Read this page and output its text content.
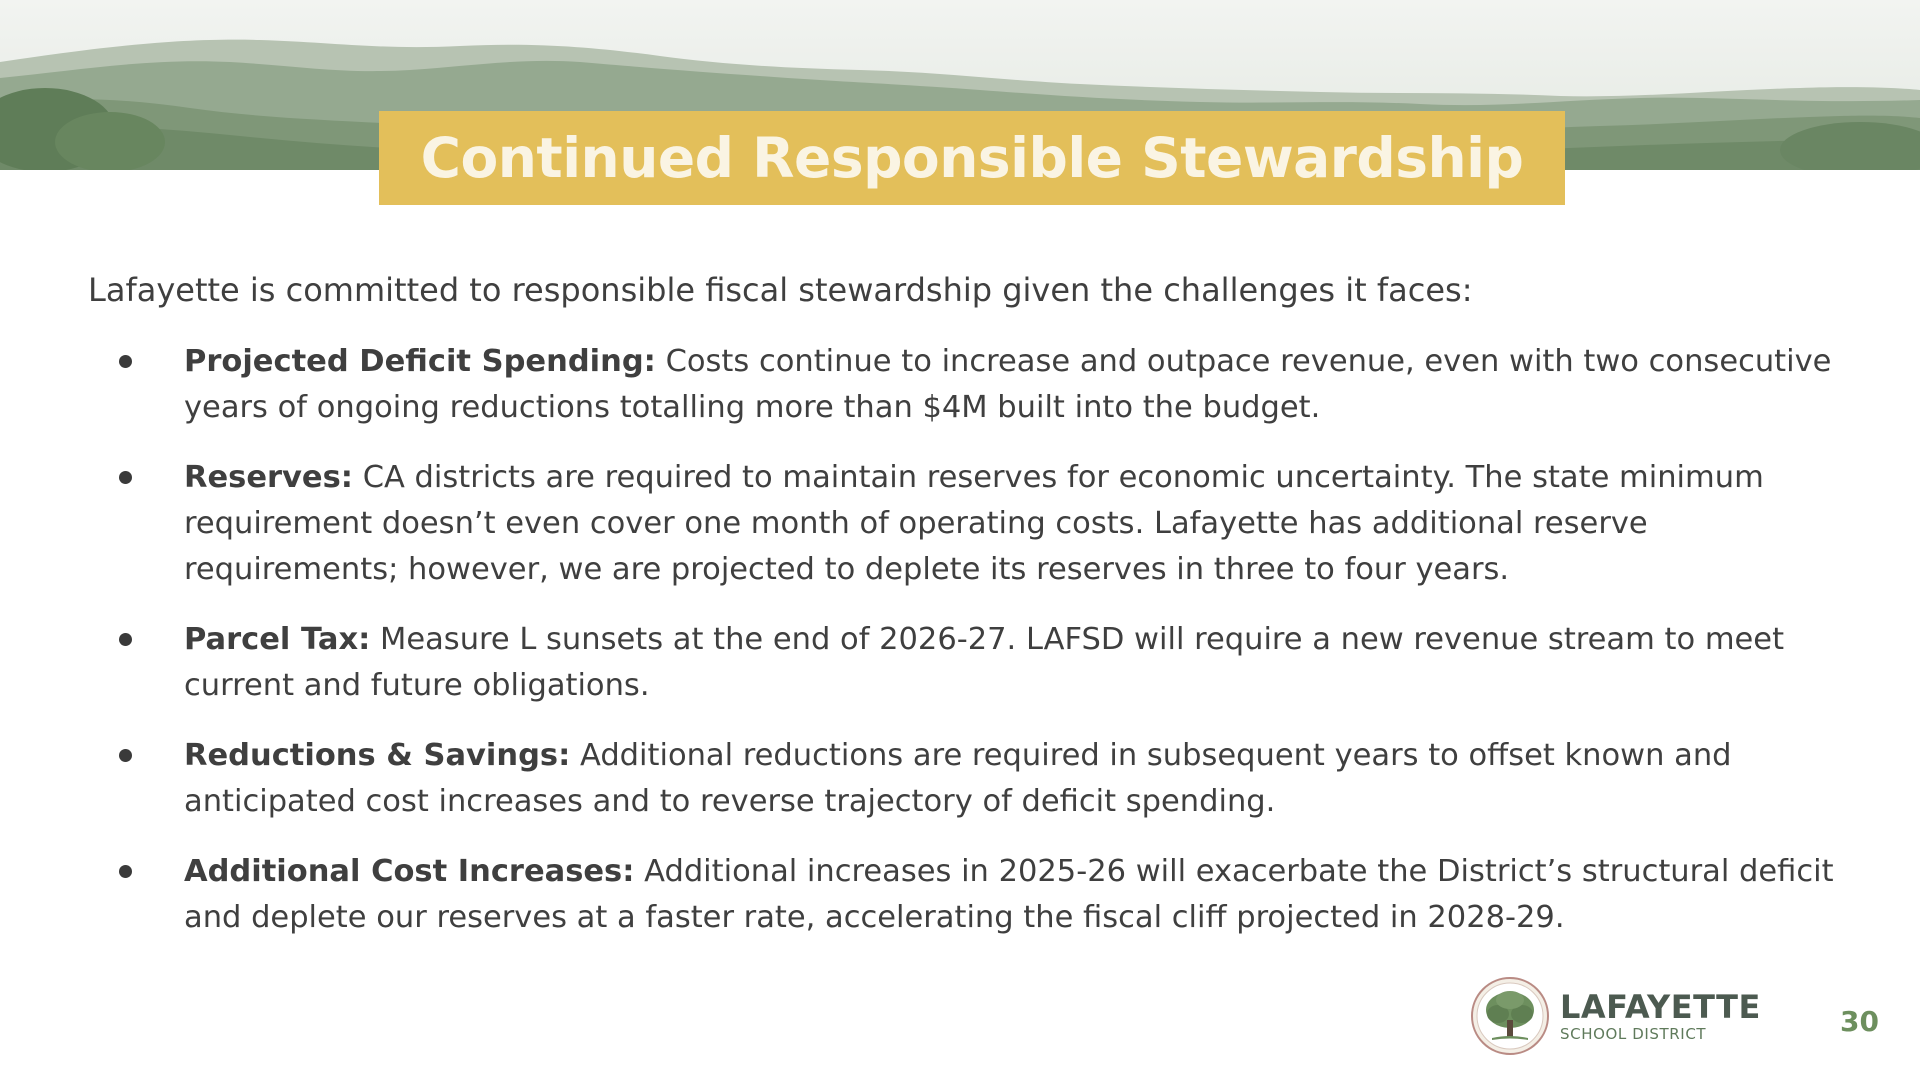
Continued Responsible Stewardship
Lafayette is committed to responsible fiscal stewardship given the challenges it faces:
Projected Deficit Spending: Costs continue to increase and outpace revenue, even with two consecutive years of ongoing reductions totalling more than $4M built into the budget.
Reserves: CA districts are required to maintain reserves for economic uncertainty. The state minimum requirement doesn’t even cover one month of operating costs. Lafayette has additional reserve requirements; however, we are projected to deplete its reserves in three to four years.
Parcel Tax: Measure L sunsets at the end of 2026-27. LAFSD will require a new revenue stream to meet current and future obligations.
Reductions & Savings: Additional reductions are required in subsequent years to offset known and anticipated cost increases and to reverse trajectory of deficit spending.
Additional Cost Increases: Additional increases in 2025-26 will exacerbate the District’s structural deficit and deplete our reserves at a faster rate, accelerating the fiscal cliff projected in 2028-29.
LAFAYETTE
SCHOOL DISTRICT	30
